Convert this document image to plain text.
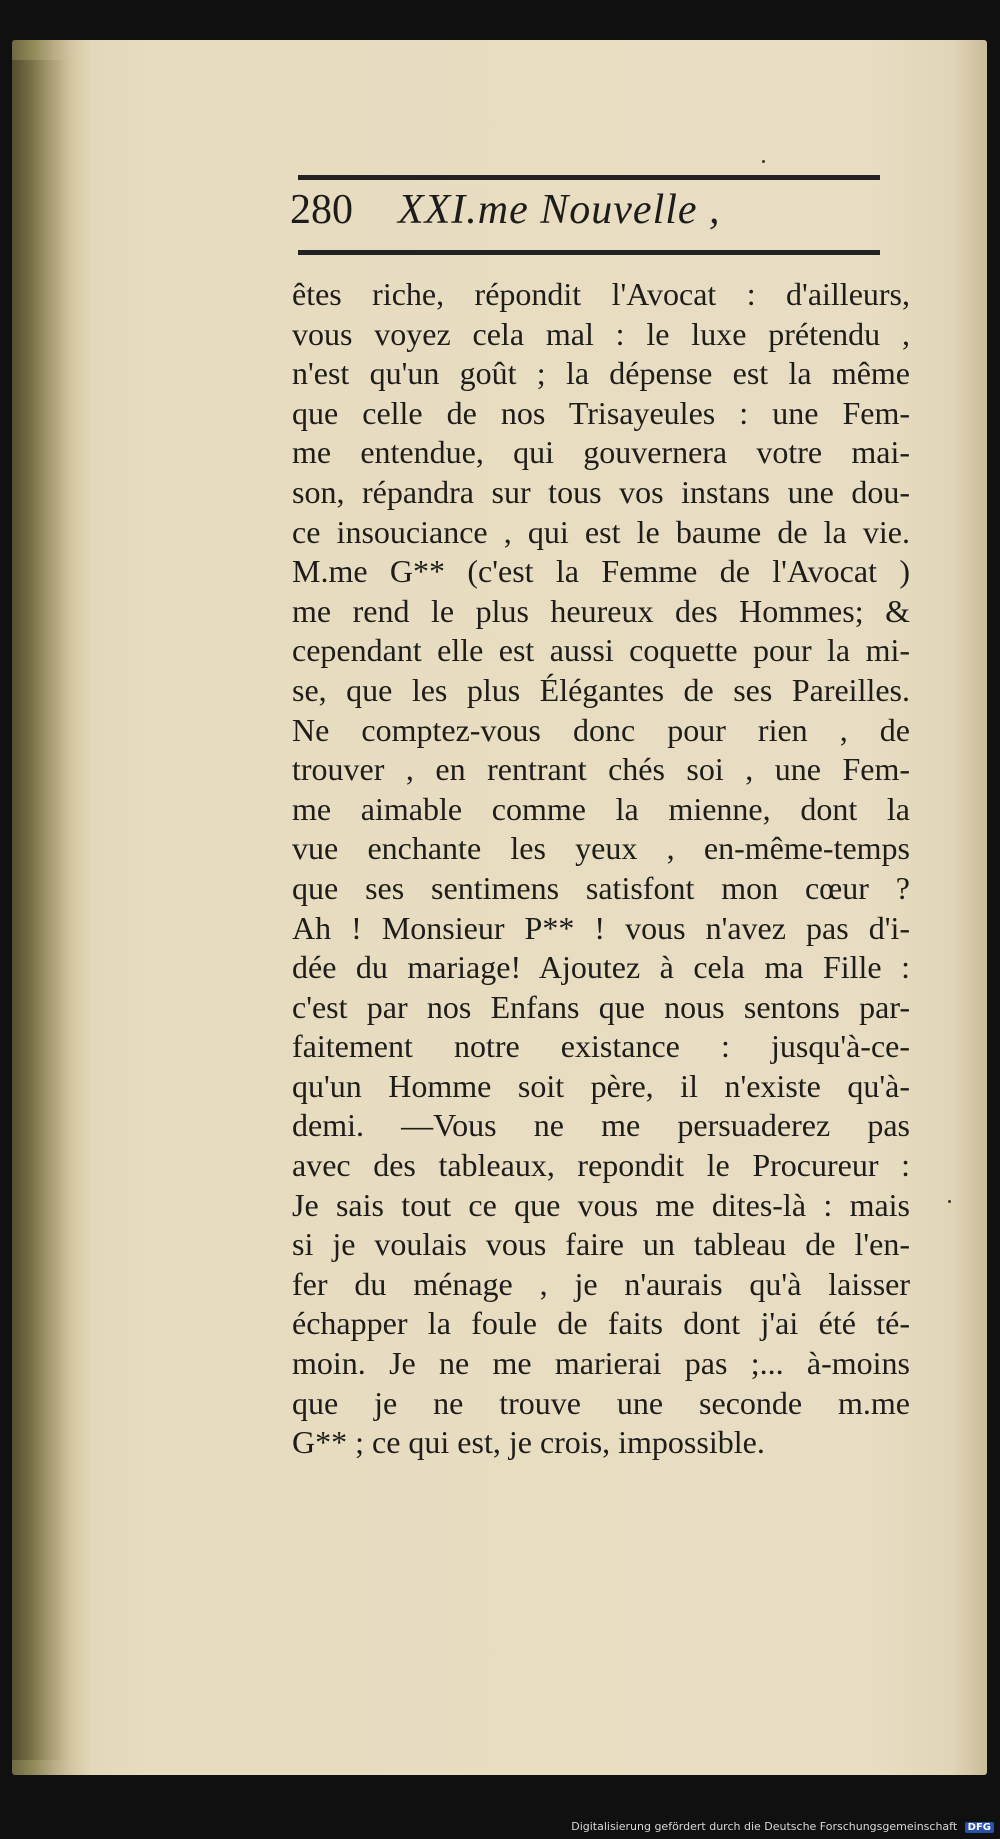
280 XXI.me Nouvelle ,
êtes riche, répondit l'Avocat : d'ailleurs,
vous voyez cela mal : le luxe prétendu ,
n'est qu'un goût ; la dépense est la même
que celle de nos Trisayeules : une Fem-
me entendue, qui gouvernera votre mai-
son, répandra sur tous vos instans une dou-
ce insouciance , qui est le baume de la vie.
M.me G** (c'est la Femme de l'Avocat )
me rend le plus heureux des Hommes; &
cependant elle est aussi coquette pour la mi-
se, que les plus Élégantes de ses Pareilles.
Ne comptez-vous donc pour rien , de
trouver , en rentrant chés soi , une Fem-
me aimable comme la mienne, dont la
vue enchante les yeux , en-même-temps
que ses sentimens satisfont mon cœur ?
Ah ! Monsieur P** ! vous n'avez pas d'i-
dée du mariage! Ajoutez à cela ma Fille :
c'est par nos Enfans que nous sentons par-
faitement notre existance : jusqu'à-ce-
qu'un Homme soit père, il n'existe qu'à-
demi. —Vous ne me persuaderez pas
avec des tableaux, repondit le Procureur :
Je sais tout ce que vous me dites-là : mais
si je voulais vous faire un tableau de l'en-
fer du ménage , je n'aurais qu'à laisser
échapper la foule de faits dont j'ai été té-
moin. Je ne me marierai pas ;... à-moins
que je ne trouve une seconde m.me
G** ; ce qui est, je crois, impossible.
Digitalisierung gefördert durch die Deutsche Forschungsgemeinschaft DFG
